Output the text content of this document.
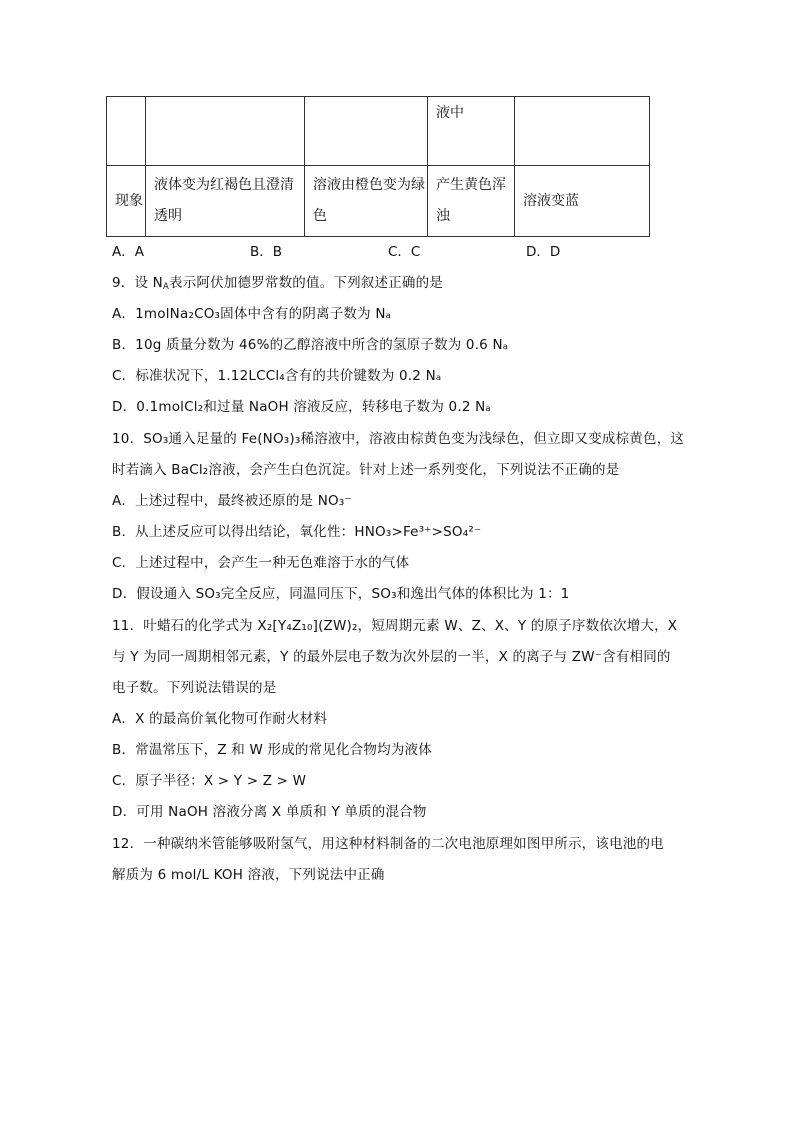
			液中	
现象	液体变为红褐色且澄清透明	溶液由橙色变为绿色	产生黄色浑浊	溶液变蓝
A．A	B．B	C．C	D．D
9．设 $N_A$表示阿伏加德罗常数的值。下列叙述正确的是
A．1molNa₂CO₃固体中含有的阴离子数为 Nₐ
B．10g 质量分数为 46%的乙醇溶液中所含的氢原子数为 0.6 Nₐ
C．标准状况下，1.12LCCl₄含有的共价键数为 0.2 Nₐ
D．0.1molCl₂和过量 NaOH 溶液反应，转移电子数为 0.2 Nₐ
10．SO₃通入足量的 Fe(NO₃)₃稀溶液中，溶液由棕黄色变为浅绿色，但立即又变成棕黄色，这
时若滴入 BaCl₂溶液，会产生白色沉淀。针对上述一系列变化，下列说法不正确的是
A．上述过程中，最终被还原的是 NO₃⁻
B．从上述反应可以得出结论，氧化性：HNO₃>Fe³⁺>SO₄²⁻
C．上述过程中，会产生一种无色难溶于水的气体
D．假设通入 SO₃完全反应，同温同压下，SO₃和逸出气体的体积比为 1：1
11．叶蜡石的化学式为 X₂[Y₄Z₁₀](ZW)₂，短周期元素 W、Z、X、Y 的原子序数依次增大，X
与 Y 为同一周期相邻元素，Y 的最外层电子数为次外层的一半，X 的离子与 ZW⁻含有相同的
电子数。下列说法错误的是
A．X 的最高价氧化物可作耐火材料
B．常温常压下，Z 和 W 形成的常见化合物均为液体
C．原子半径：X > Y > Z > W
D．可用 NaOH 溶液分离 X 单质和 Y 单质的混合物
12．一种碳纳米管能够吸附氢气，用这种材料制备的二次电池原理如图甲所示，该电池的电
解质为 6 mol/L KOH 溶液，下列说法中正确
